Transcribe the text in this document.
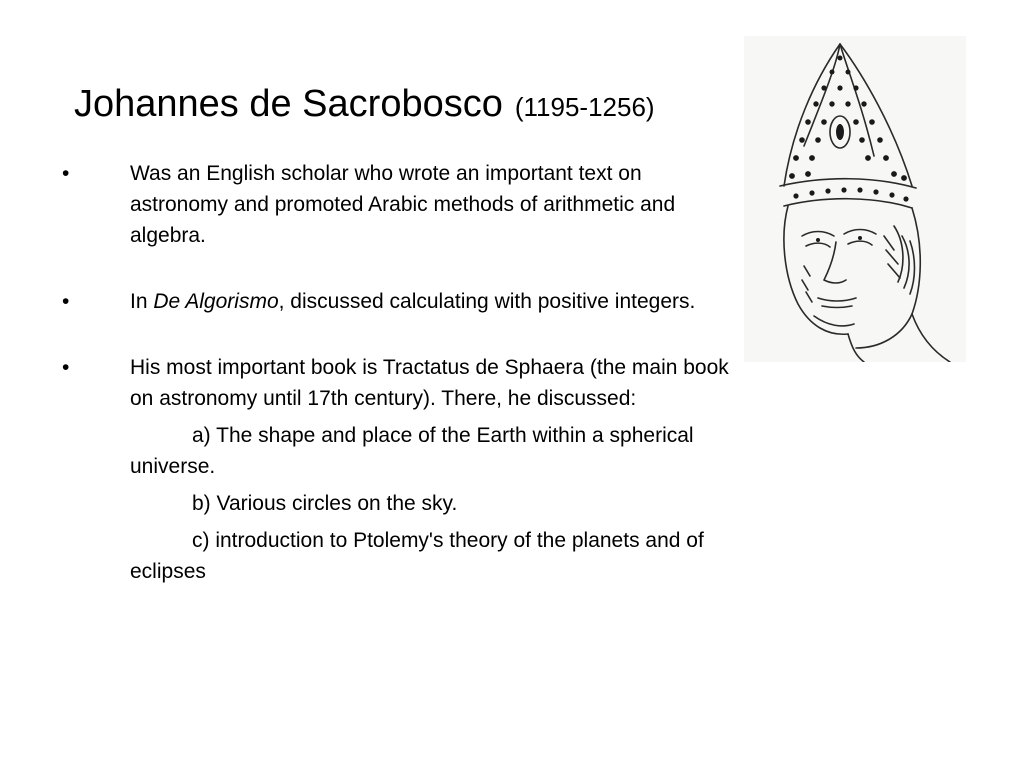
Johannes de Sacrobosco (1195-1256)
•	Was an English scholar who wrote an important text on astronomy and promoted Arabic methods of arithmetic and algebra.
•	In De Algorismo, discussed calculating with positive integers.
•	His most important book is Tractatus de Sphaera (the main book on astronomy until 17th century). There, he discussed:
a) The shape and place of the Earth within a spherical universe.
b) Various circles on the sky.
c) introduction to Ptolemy's theory of the planets and of eclipses
